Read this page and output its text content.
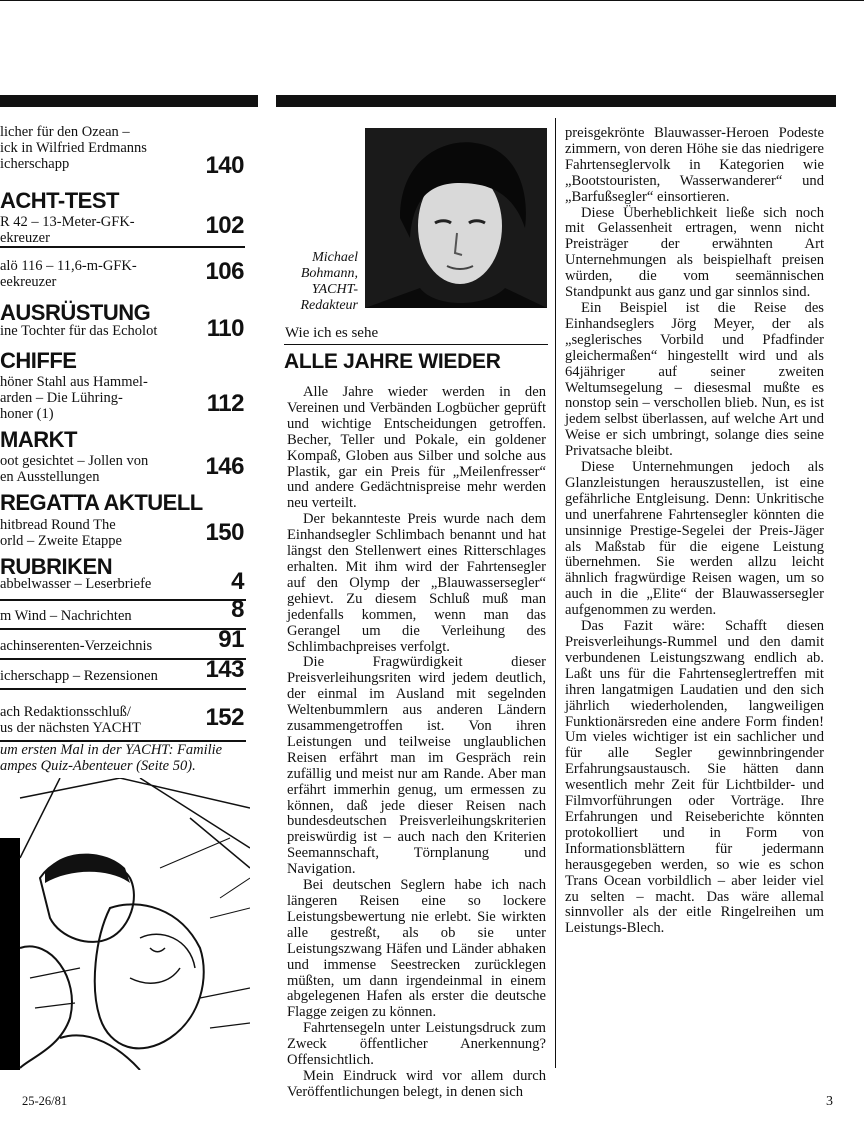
licher für den Ozean –
ick in Wilfried Erdmanns
icherschapp	140
ACHT-TEST
R 42 – 13-Meter-GFK-
ekreuzer	102
alö 116 – 11,6-m-GFK-
eekreuzer	106
AUSRÜSTUNG
ine Tochter für das Echolot	110
CHIFFE
höner Stahl aus Hammel-
arden – Die Lühring-
honer (1)	112
MARKT
oot gesichtet – Jollen von
en Ausstellungen	146
REGATTA AKTUELL
hitbread Round The
orld – Zweite Etappe	150
RUBRIKEN
abbelwasser – Leserbriefe	4
m Wind – Nachrichten	8
achinserenten-Verzeichnis	91
icherschapp – Rezensionen	143
ach Redaktionsschluß/
us der nächsten YACHT	152
um ersten Mal in der YACHT: Familie
ampes Quiz-Abenteuer (Seite 50).
25-26/81
Michael
Bohmann,
YACHT-
Redakteur
Wie ich es sehe
ALLE JAHRE WIEDER

Alle Jahre wieder werden in den Vereinen und Verbänden Logbücher geprüft und wichtige Entscheidungen getroffen. Becher, Teller und Pokale, ein goldener Kompaß, Globen aus Silber und solche aus Plastik, gar ein Preis für „Meilenfresser“ und andere Gedächtnispreise mehr werden neu verteilt.

Der bekannteste Preis wurde nach dem Einhandsegler Schlimbach benannt und hat längst den Stellenwert eines Ritterschlages erhalten. Mit ihm wird der Fahrtensegler auf den Olymp der „Blauwassersegler“ gehievt. Zu diesem Schluß muß man jedenfalls kommen, wenn man das Gerangel um die Verleihung des Schlimbachpreises verfolgt.

Die Fragwürdigkeit dieser Preisverleihungsriten wird jedem deutlich, der einmal im Ausland mit segelnden Weltenbummlern aus anderen Ländern zusammengetroffen ist. Von ihren Leistungen und teilweise unglaublichen Reisen erfährt man im Gespräch rein zufällig und meist nur am Rande. Aber man erfährt immerhin genug, um ermessen zu können, daß jede dieser Reisen nach bundesdeutschen Preisverleihungskriterien preiswürdig ist – auch nach den Kriterien Seemannschaft, Törnplanung und Navigation.

Bei deutschen Seglern habe ich nach längeren Reisen eine so lockere Leistungsbewertung nie erlebt. Sie wirkten alle gestreßt, als ob sie unter Leistungszwang Häfen und Länder abhaken und immense Seestrecken zurücklegen müßten, um dann irgendeinmal in einem abgelegenen Hafen als erster die deutsche Flagge zeigen zu können.

Fahrtensegeln unter Leistungsdruck zum Zweck öffentlicher Anerkennung? Offensichtlich.

Mein Eindruck wird vor allem durch Veröffentlichungen belegt, in denen sich

preisgekrönte Blauwasser-Heroen Podeste zimmern, von deren Höhe sie das niedrigere Fahrtenseglervolk in Kategorien wie „Bootstouristen, Wasserwanderer“ und „Barfußsegler“ einsortieren.

Diese Überheblichkeit ließe sich noch mit Gelassenheit ertragen, wenn nicht Preisträger der erwähnten Art Unternehmungen als beispielhaft preisen würden, die vom seemännischen Standpunkt aus ganz und gar sinnlos sind.

Ein Beispiel ist die Reise des Einhandseglers Jörg Meyer, der als „seglerisches Vorbild und Pfadfinder gleichermaßen“ hingestellt wird und als 64jähriger auf seiner zweiten Weltumsegelung – diesesmal mußte es nonstop sein – verschollen blieb. Nun, es ist jedem selbst überlassen, auf welche Art und Weise er sich umbringt, solange dies seine Privatsache bleibt.

Diese Unternehmungen jedoch als Glanzleistungen herauszustellen, ist eine gefährliche Entgleisung. Denn: Unkritische und unerfahrene Fahrtensegler könnten die unsinnige Prestige-Segelei der Preis-Jäger als Maßstab für die eigene Leistung übernehmen. Sie werden allzu leicht ähnlich fragwürdige Reisen wagen, um so auch in die „Elite“ der Blauwassersegler aufgenommen zu werden.

Das Fazit wäre: Schafft diesen Preisverleihungs-Rummel und den damit verbundenen Leistungszwang endlich ab. Laßt uns für die Fahrtenseglertreffen mit ihren langatmigen Laudatien und den sich jährlich wiederholenden, langweiligen Funktionärsreden eine andere Form finden! Um vieles wichtiger ist ein sachlicher und für alle Segler gewinnbringender Erfahrungsaustausch. Sie hätten dann wesentlich mehr Zeit für Lichtbilder- und Filmvorführungen oder Vorträge. Ihre Erfahrungen und Reiseberichte könnten protokolliert und in Form von Informationsblättern für jedermann herausgegeben werden, so wie es schon Trans Ocean vorbildlich – aber leider viel zu selten – macht. Das wäre allemal sinnvoller als der eitle Ringelreihen um Leistungs-Blech.

3
